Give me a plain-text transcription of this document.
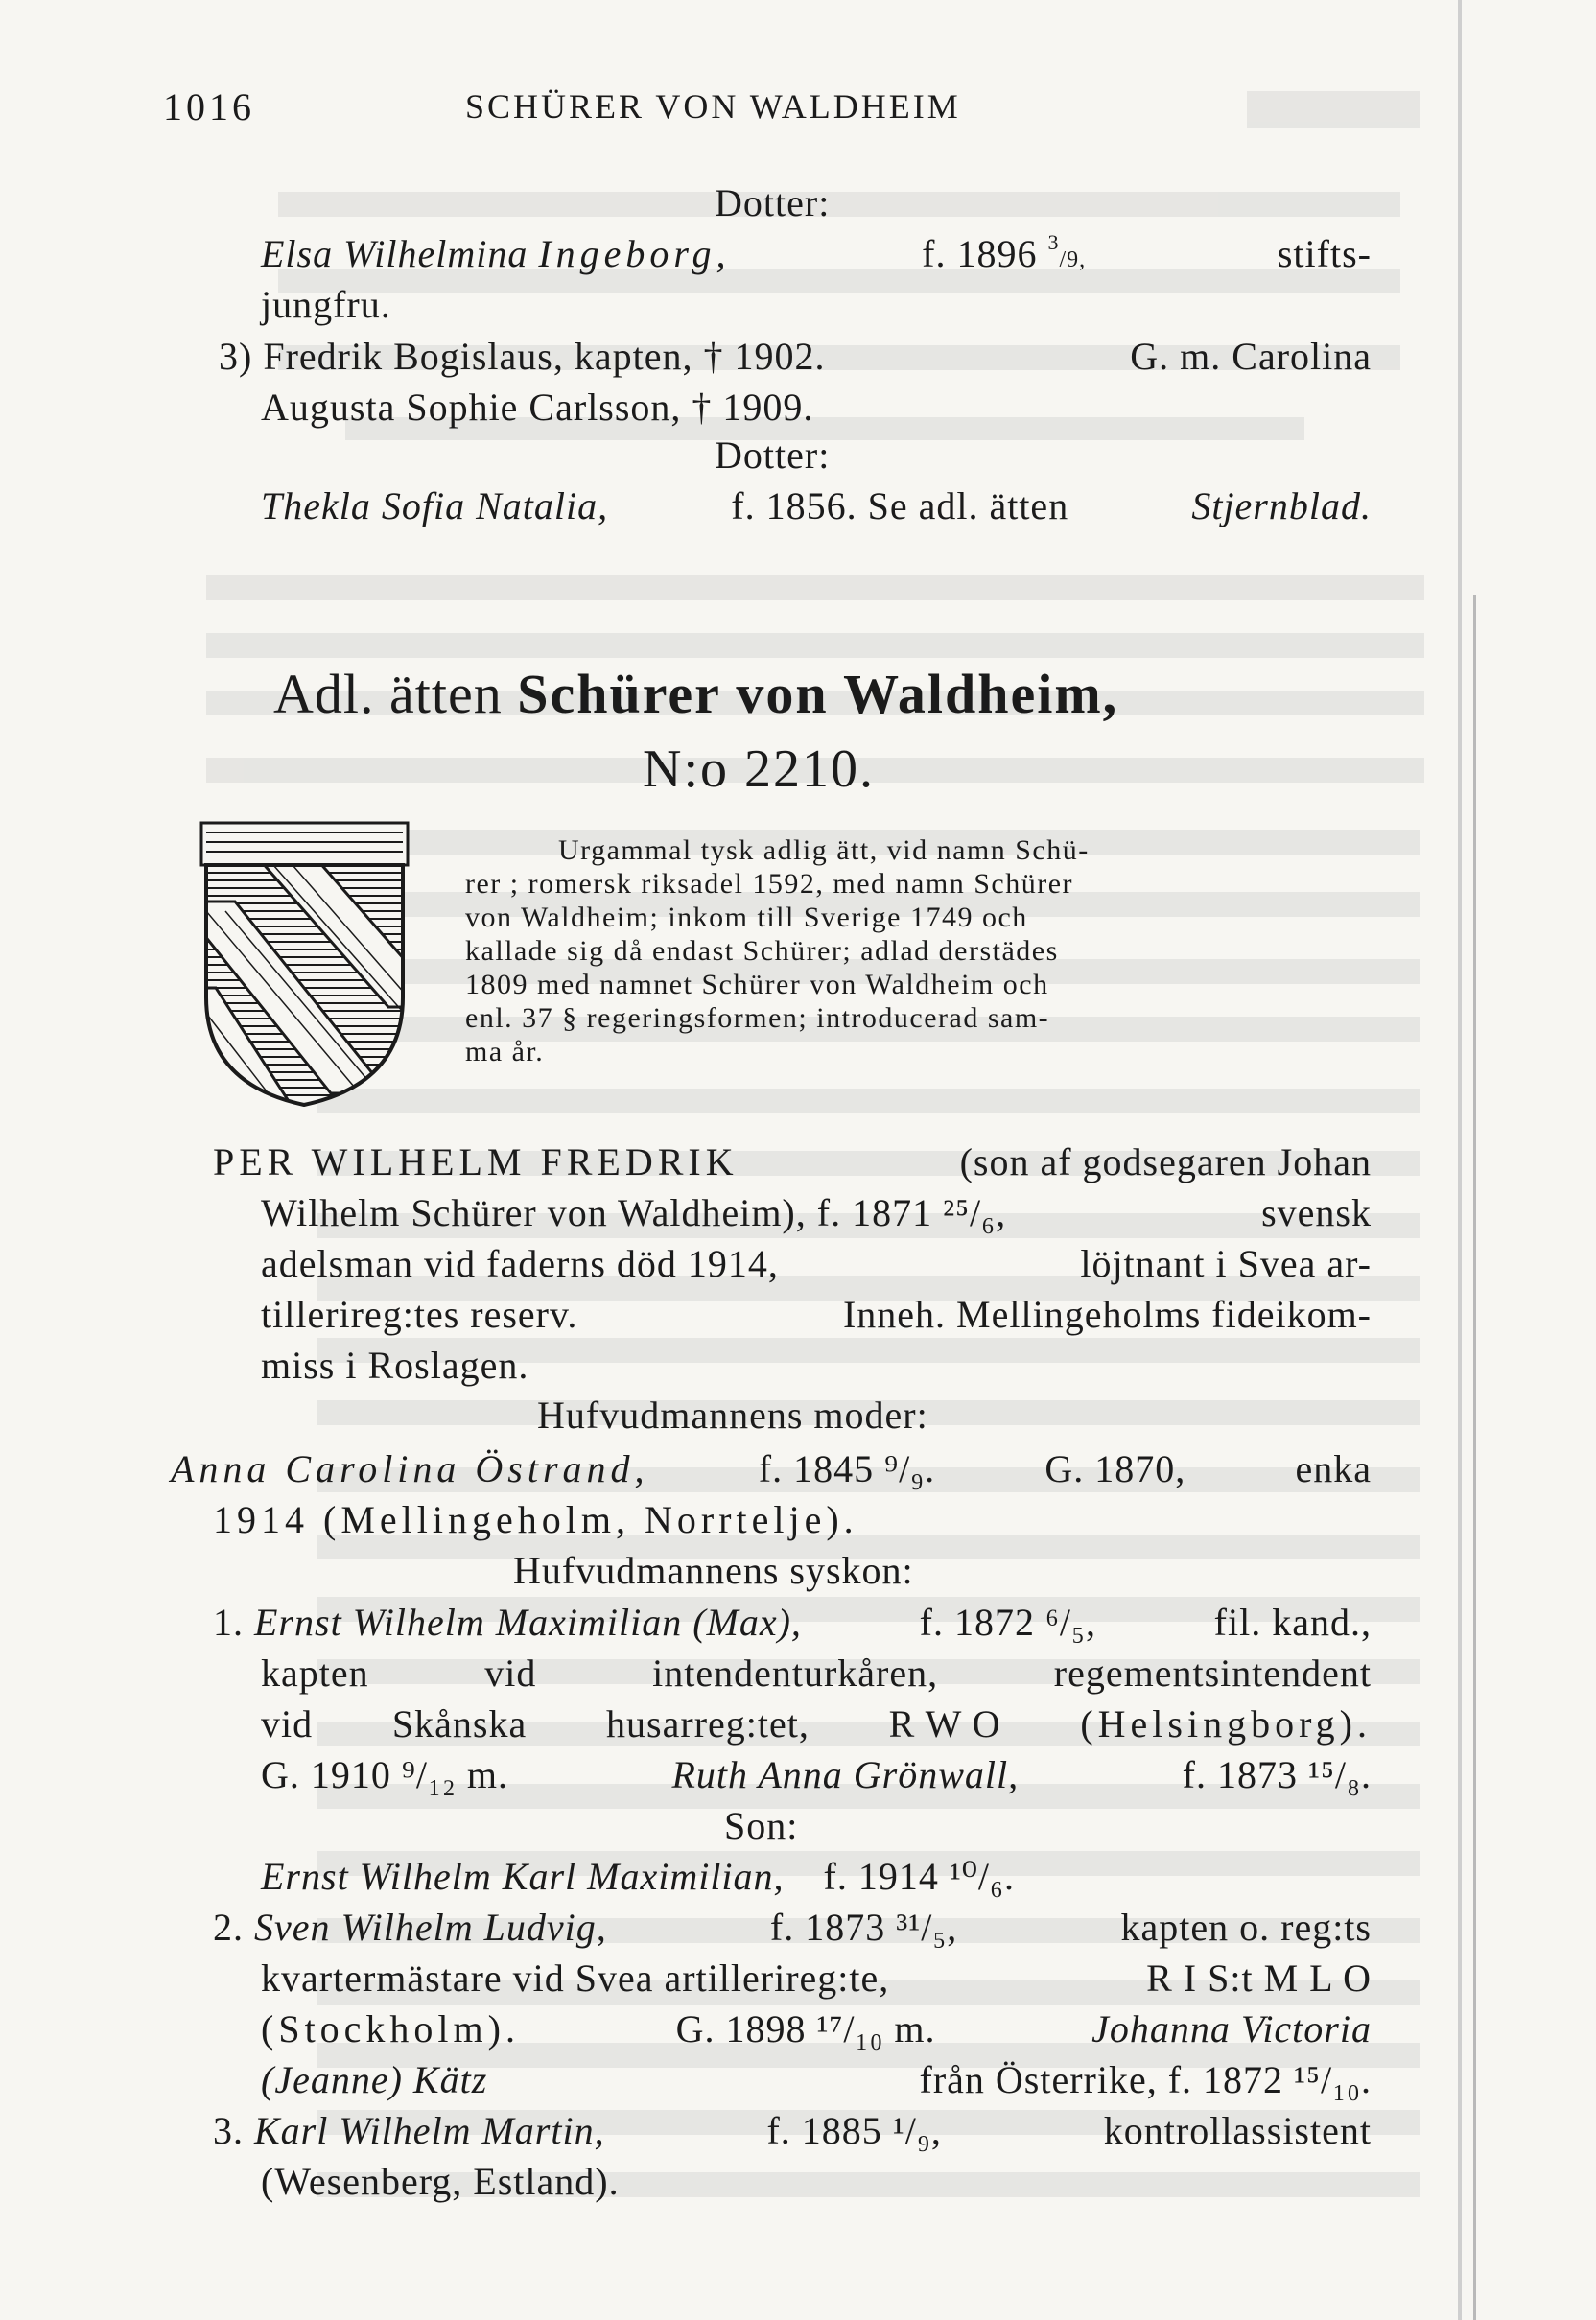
1016	SCHÜRER VON WALDHEIM
Dotter:
Elsa Wilhelmina Ingeborg,	f. 1896 $^3$/9,	stifts-
jungfru.
3) Fredrik Bogislaus, kapten, † 1902.	G. m. Carolina
Augusta Sophie Carlsson, † 1909.
Dotter:
Thekla Sofia Natalia,	f. 1856. Se adl. ätten	Stjernblad.
Adl. ätten Schürer von Waldheim,
N:o 2210.
Urgammal tysk adlig ätt, vid namn Schü-
rer ; romersk riksadel 1592, med namn Schürer
von Waldheim; inkom till Sverige 1749 och
kallade sig då endast Schürer; adlad derstädes
1809 med namnet Schürer von Waldheim och
enl. 37 § regeringsformen; introducerad sam-
ma år.
PER WILHELM FREDRIK	(son af godsegaren Johan
Wilhelm Schürer von Waldheim), f. 1871 ²⁵/₆,	svensk
adelsman vid faderns död 1914,	löjtnant i Svea ar-
tillerireg:tes reserv.	Inneh. Mellingeholms fideikom-
miss i Roslagen.
Hufvudmannens moder:
Anna Carolina Östrand,	f. 1845 ⁹/₉.	G. 1870,	enka
1914 (Mellingeholm, Norrtelje).
Hufvudmannens syskon:
1. Ernst Wilhelm Maximilian (Max),	f. 1872 ⁶/₅,	fil. kand.,
kapten	vid	intendenturkåren,	regementsintendent
vid Skånska husarreg:tet, R W O (Helsingborg).
G. 1910 ⁹/₁₂ m.	Ruth Anna Grönwall,	f. 1873 ¹⁵/₈.
Son:
Ernst Wilhelm Karl Maximilian, f. 1914 ¹⁰/₆.
2. Sven Wilhelm Ludvig,	f. 1873 ³¹/₅,	kapten o. reg:ts
kvartermästare vid Svea artillerireg:te,	R I S:t M L O
(Stockholm).	G. 1898 ¹⁷/₁₀ m.	Johanna Victoria
(Jeanne) Kätz	från Österrike, f. 1872 ¹⁵/₁₀.
3. Karl Wilhelm Martin,	f. 1885 ¹/₉,	kontrollassistent
(Wesenberg, Estland).
